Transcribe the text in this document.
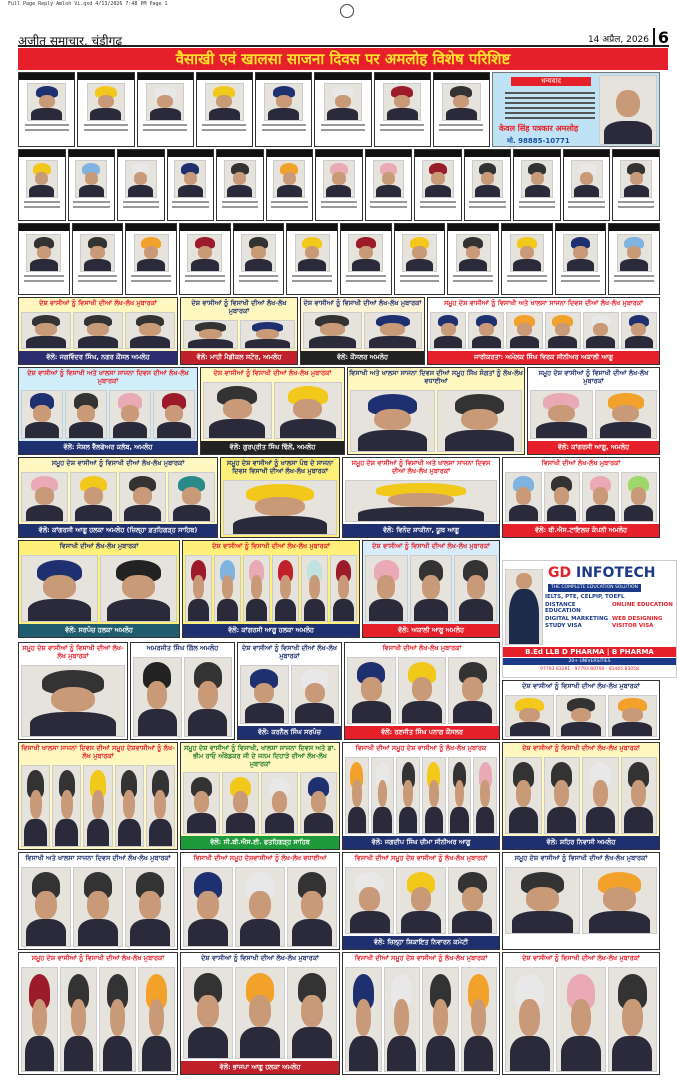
Full Page Reply Amloh Vi.qxd 4/13/2026 7:48 PM Page 1
अजीत समाचार, चंडीगढ़	14 अप्रैल, 2026 6
वैसाखी एवं खालसा साजना दिवस पर अमलोह विशेष परिशिष्ट
धन्यवाद
केवल सिंह पत्रकार अमलोह
मो. 98885-10771
ਦੇਸ਼ ਵਾਸੀਆਂ ਨੂੰ ਵਿਸਾਖੀ ਦੀਆਂ ਲੱਖ-ਲੱਖ ਮੁਬਾਰਕਾਂ
ਵੱਲੋਂ: ਜਗਵਿੰਦਰ ਸਿੰਘ, ਨਗਰ ਕੌਂਸਲ ਅਮਲੋਹ
ਦੇਸ਼ ਵਾਸੀਆਂ ਨੂੰ ਵਿਸਾਖੀ ਦੀਆਂ ਲੱਖ-ਲੱਖ ਮੁਬਾਰਕਾਂ
ਵੱਲੋਂ: ਮਾਹੀ ਮੈਡੀਕਲ ਸਟੋਰ, ਅਮਲੋਹ
ਦੇਸ਼ ਵਾਸੀਆਂ ਨੂੰ ਵਿਸਾਖੀ ਦੀਆਂ ਲੱਖ-ਲੱਖ ਮੁਬਾਰਕਾਂ
ਵੱਲੋਂ: ਕੌਂਸਲਰ ਅਮਲੋਹ
ਸਮੂਹ ਦੇਸ਼ ਵਾਸੀਆਂ ਨੂੰ ਵਿਸਾਖੀ ਅਤੇ ਖਾਲਸਾ ਸਾਜਨਾ ਦਿਵਸ ਦੀਆਂ ਲੱਖ-ਲੱਖ ਮੁਬਾਰਕਾਂ
ਜਾਰੀਕਰਤਾ: ਅਮੋਲਕ ਸਿੰਘ ਵਿਰਕ ਸੀਨੀਅਰ ਅਕਾਲੀ ਆਗੂ
ਦੇਸ਼ ਵਾਸੀਆਂ ਨੂੰ ਵਿਸਾਖੀ ਅਤੇ ਖਾਲਸਾ ਸਾਜਨਾ ਦਿਵਸ ਦੀਆਂ ਲੱਖ-ਲੱਖ ਮੁਬਾਰਕਾਂ
ਵੱਲੋਂ: ਸੋਸ਼ਲ ਵੈੱਲਫੇਅਰ ਕਲੱਬ, ਅਮਲੋਹ
ਦੇਸ਼ ਵਾਸੀਆਂ ਨੂੰ ਵਿਸਾਖੀ ਦੀਆਂ ਲੱਖ-ਲੱਖ ਮੁਬਾਰਕਾਂ
ਵੱਲੋਂ: ਗੁਰਪ੍ਰੀਤ ਸਿੰਘ ਢਿੱਲੋਂ, ਅਮਲੋਹ
ਵਿਸਾਖੀ ਅਤੇ ਖਾਲਸਾ ਸਾਜਨਾ ਦਿਵਸ ਦੀਆਂ ਸਮੂਹ ਸਿੱਖ ਸੰਗਤਾਂ ਨੂੰ ਲੱਖ-ਲੱਖ ਵਧਾਈਆਂ
ਸਮੂਹ ਦੇਸ਼ ਵਾਸੀਆਂ ਨੂੰ ਵਿਸਾਖੀ ਦੀਆਂ ਲੱਖ-ਲੱਖ ਮੁਬਾਰਕਾਂ
ਵੱਲੋਂ: ਕਾਂਗਰਸੀ ਆਗੂ, ਅਮਲੋਹ
ਸਮੂਹ ਦੇਸ਼ ਵਾਸੀਆਂ ਨੂੰ ਵਿਸਾਖੀ ਦੀਆਂ ਲੱਖ-ਲੱਖ ਮੁਬਾਰਕਾਂ
ਵੱਲੋਂ: ਕਾਂਗਰਸੀ ਆਗੂ ਹਲਕਾ ਅਮਲੋਹ (ਜ਼ਿਲ੍ਹਾ ਫ਼ਤਹਿਗੜ੍ਹ ਸਾਹਿਬ)
ਸਮੂਹ ਦੇਸ਼ ਵਾਸੀਆਂ ਨੂੰ ਖਾਲਸਾ ਪੰਥ ਦੇ ਸਾਜਨਾ ਦਿਵਸ ਵਿਸਾਖੀ ਦੀਆਂ ਲੱਖ-ਲੱਖ ਮੁਬਾਰਕਾਂ
ਸਮੂਹ ਦੇਸ਼ ਵਾਸੀਆਂ ਨੂੰ ਵਿਸਾਖੀ ਅਤੇ ਖਾਲਸਾ ਸਾਜਨਾ ਦਿਵਸ ਦੀਆਂ ਲੱਖ-ਲੱਖ ਮੁਬਾਰਕਾਂ
ਵੱਲੋਂ: ਵਿਨੋਦ ਸ਼ਾਕੀਨਾ, ਯੂਥ ਆਗੂ
ਵਿਸਾਖੀ ਦੀਆਂ ਲੱਖ-ਲੱਖ ਮੁਬਾਰਕਾਂ
ਵੱਲੋਂ: ਬੀ.ਐਸ.ਟਾਇਲਜ਼ ਕੰਪਨੀ ਅਮਲੋਹ
ਵਿਸਾਖੀ ਦੀਆਂ ਲੱਖ-ਲੱਖ ਮੁਬਾਰਕਾਂ
ਵੱਲੋਂ: ਸਰਪੰਚ ਹਲਕਾ ਅਮਲੋਹ
ਦੇਸ਼ ਵਾਸੀਆਂ ਨੂੰ ਵਿਸਾਖੀ ਦੀਆਂ ਲੱਖ-ਲੱਖ ਮੁਬਾਰਕਾਂ
ਵੱਲੋਂ: ਕਾਂਗਰਸੀ ਆਗੂ ਹਲਕਾ ਅਮਲੋਹ
ਦੇਸ਼ ਵਾਸੀਆਂ ਨੂੰ ਵਿਸਾਖੀ ਦੀਆਂ ਲੱਖ-ਲੱਖ ਮੁਬਾਰਕਾਂ
ਵੱਲੋਂ: ਅਕਾਲੀ ਆਗੂ ਅਮਲੋਹ
ਸਮੂਹ ਦੇਸ਼ ਵਾਸੀਆਂ ਨੂੰ ਵਿਸਾਖੀ ਦੀਆਂ ਲੱਖ-ਲੱਖ ਮੁਬਾਰਕਾਂ
ਅਮਰਜੀਤ ਸਿੰਘ ਗਿੱਲ ਅਮਲੋਹ	ਦੇਸ਼ ਵਾਸੀਆਂ ਨੂੰ ਵਿਸਾਖੀ ਦੀਆਂ ਲੱਖ-ਲੱਖ ਮੁਬਾਰਕਾਂ
ਵੱਲੋਂ: ਕਰਨੈਲ ਸਿੰਘ ਸਰਪੰਚ
ਵਿਸਾਖੀ ਦੀਆਂ ਲੱਖ-ਲੱਖ ਮੁਬਾਰਕਾਂ
ਵੱਲੋਂ: ਰਣਜੀਤ ਸਿੰਘ ਪਨਾਗ ਕੌਂਸਲਰ
ਦੇਸ਼ ਵਾਸੀਆਂ ਨੂੰ ਵਿਸਾਖੀ ਦੀਆਂ ਲੱਖ-ਲੱਖ ਮੁਬਾਰਕਾਂ
ਵਿਸਾਖੀ ਖਾਲਸਾ ਸਾਜਨਾ ਦਿਵਸ ਦੀਆਂ ਸਮੂਹ ਦੇਸ਼ਵਾਸੀਆਂ ਨੂੰ ਲੱਖ-ਲੱਖ ਮੁਬਾਰਕਾਂ
ਸਮੂਹ ਦੇਸ਼ ਵਾਸੀਆਂ ਨੂੰ ਵਿਸਾਖੀ, ਖਾਲਸਾ ਸਾਜਨਾ ਦਿਵਸ ਅਤੇ ਡਾ. ਭੀਮ ਰਾਓ ਅੰਬੇਡਕਰ ਜੀ ਦੇ ਜਨਮ ਦਿਹਾੜੇ ਦੀਆਂ ਲੱਖ-ਲੱਖ ਮੁਬਾਰਕਾਂ
ਵੱਲੋਂ: ਸੀ.ਬੀ.ਐਸ.ਈ. ਫਤਹਿਗੜ੍ਹ ਸਾਹਿਬ
ਵਿਸਾਖੀ ਦੀਆਂ ਸਮੂਹ ਦੇਸ਼ ਵਾਸੀਆਂ ਨੂੰ ਲੱਖ-ਲੱਖ ਮੁਬਾਰਕ
ਵੱਲੋਂ: ਜਗਦੀਪ ਸਿੰਘ ਚੀਮਾ ਸੀਨੀਅਰ ਆਗੂ
ਦੇਸ਼ ਵਾਸੀਆਂ ਨੂੰ ਵਿਸਾਖੀ ਦੀਆਂ ਲੱਖ-ਲੱਖ ਮੁਬਾਰਕਾਂ
ਵੱਲੋਂ: ਸ਼ਹਿਰ ਨਿਵਾਸੀ ਅਮਲੋਹ
ਵਿਸਾਖੀ ਅਤੇ ਖਾਲਸਾ ਸਾਜਨਾ ਦਿਵਸ ਦੀਆਂ ਲੱਖ-ਲੱਖ ਮੁਬਾਰਕਾਂ	ਵਿਸਾਖੀ ਦੀਆਂ ਸਮੂਹ ਦੇਸ਼ਵਾਸੀਆਂ ਨੂੰ ਲੱਖ-ਲੱਖ ਵਧਾਈਆਂ	ਵਿਸਾਖੀ ਦੀਆਂ ਸਮੂਹ ਦੇਸ਼ ਵਾਸੀਆਂ ਨੂੰ ਲੱਖ-ਲੱਖ ਮੁਬਾਰਕਾਂ
ਵੱਲੋਂ: ਜ਼ਿਲ੍ਹਾ ਸ਼ਿਕਾਇਤ ਨਿਵਾਰਨ ਕਮੇਟੀ
ਸਮੂਹ ਦੇਸ਼ ਵਾਸੀਆਂ ਨੂੰ ਵਿਸਾਖੀ ਦੀਆਂ ਲੱਖ-ਲੱਖ ਮੁਬਾਰਕਾਂ
ਵੱਲੋਂ: ਅਮਰਜੀਤ ਸਿੰਘ ਜੂਨੀਅਰ ਮੈਨੇਜਰ
ਸਮੂਹ ਦੇਸ਼ ਵਾਸੀਆਂ ਨੂੰ ਵਿਸਾਖੀ ਦੀਆਂ ਲੱਖ-ਲੱਖ ਮੁਬਾਰਕਾਂ	ਦੇਸ਼ ਵਾਸੀਆਂ ਨੂੰ ਵਿਸਾਖੀ ਦੀਆਂ ਲੱਖ-ਲੱਖ ਮੁਬਾਰਕਾਂ
ਵੱਲੋਂ: ਭਾਜਪਾ ਆਗੂ ਹਲਕਾ ਅਮਲੋਹ
ਵਿਸਾਖੀ ਦੀਆਂ ਸਮੂਹ ਦੇਸ਼ ਵਾਸੀਆਂ ਨੂੰ ਲੱਖ-ਲੱਖ ਮੁਬਾਰਕਾਂ	ਦੇਸ਼ ਵਾਸੀਆਂ ਨੂੰ ਵਿਸਾਖੀ ਦੀਆਂ ਲੱਖ-ਲੱਖ ਮੁਬਾਰਕਾਂ
GD INFOTECH
THE COMPLETE EDUCATION SOLUTION
IELTS, PTE, CELPIP, TOEFL
DISTANCE EDUCATION
ONLINE EDUCATION
DIGITAL MARKETING WEB DESIGNING
STUDY VISA	VISITOR VISA
B.Ed LLB D PHARMA | B PHARMA
20+ UNIVERSITIES
97793 83281 · 97793 80790 · 81465 83058
